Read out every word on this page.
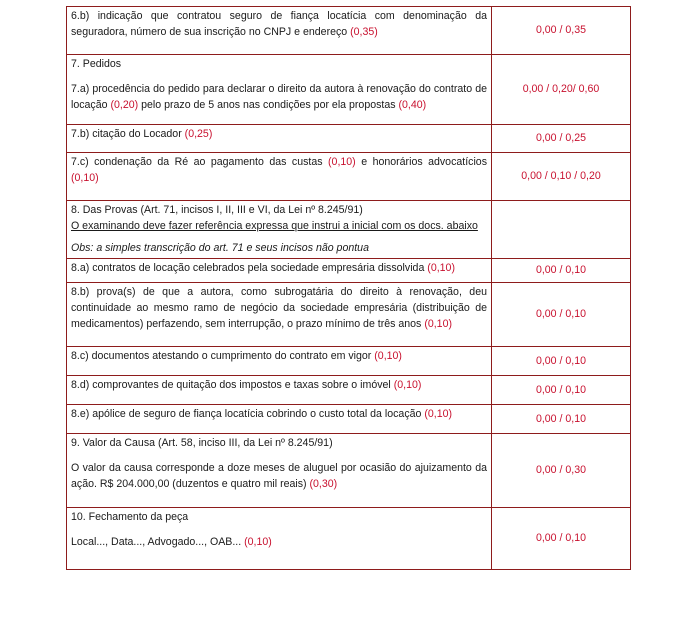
6.b) indicação que contratou seguro de fiança locatícia com denominação da seguradora, número de sua inscrição no CNPJ e endereço (0,35)	0,00 / 0,35

7. Pedidos
7.a) procedência do pedido para declarar o direito da autora à renovação do contrato de locação (0,20) pelo prazo de 5 anos nas condições por ela propostas (0,40)	0,00 / 0,20/ 0,60
7.b) citação do Locador (0,25)	0,00 / 0,25
7.c) condenação da Ré ao pagamento das custas (0,10) e honorários advocatícios (0,10)	0,00 / 0,10 / 0,20

8. Das Provas (Art. 71, incisos I, II, III e VI, da Lei nº 8.245/91)
O examinando deve fazer referência expressa que instrui a inicial com os docs. abaixo
Obs: a simples transcrição do art. 71 e seus incisos não pontua	

8.a) contratos de locação celebrados pela sociedade empresária dissolvida (0,10)	0,00 / 0,10
8.b) prova(s) de que a autora, como subrogatária do direito à renovação, deu continuidade ao mesmo ramo de negócio da sociedade empresária (distribuição de medicamentos) perfazendo, sem interrupção, o prazo mínimo de três anos (0,10)	0,00 / 0,10
8.c) documentos atestando o cumprimento do contrato em vigor (0,10)	0,00 / 0,10
8.d) comprovantes de quitação dos impostos e taxas sobre o imóvel (0,10)	0,00 / 0,10
8.e) apólice de seguro de fiança locatícia cobrindo o custo total da locação (0,10)	0,00 / 0,10

9. Valor da Causa (Art. 58, inciso III, da Lei nº 8.245/91)
O valor da causa corresponde a doze meses de aluguel por ocasião do ajuizamento da ação. R$ 204.000,00 (duzentos e quatro mil reais) (0,30)	0,00 / 0,30

10. Fechamento da peça
Local..., Data..., Advogado..., OAB... (0,10)	0,00 / 0,10
